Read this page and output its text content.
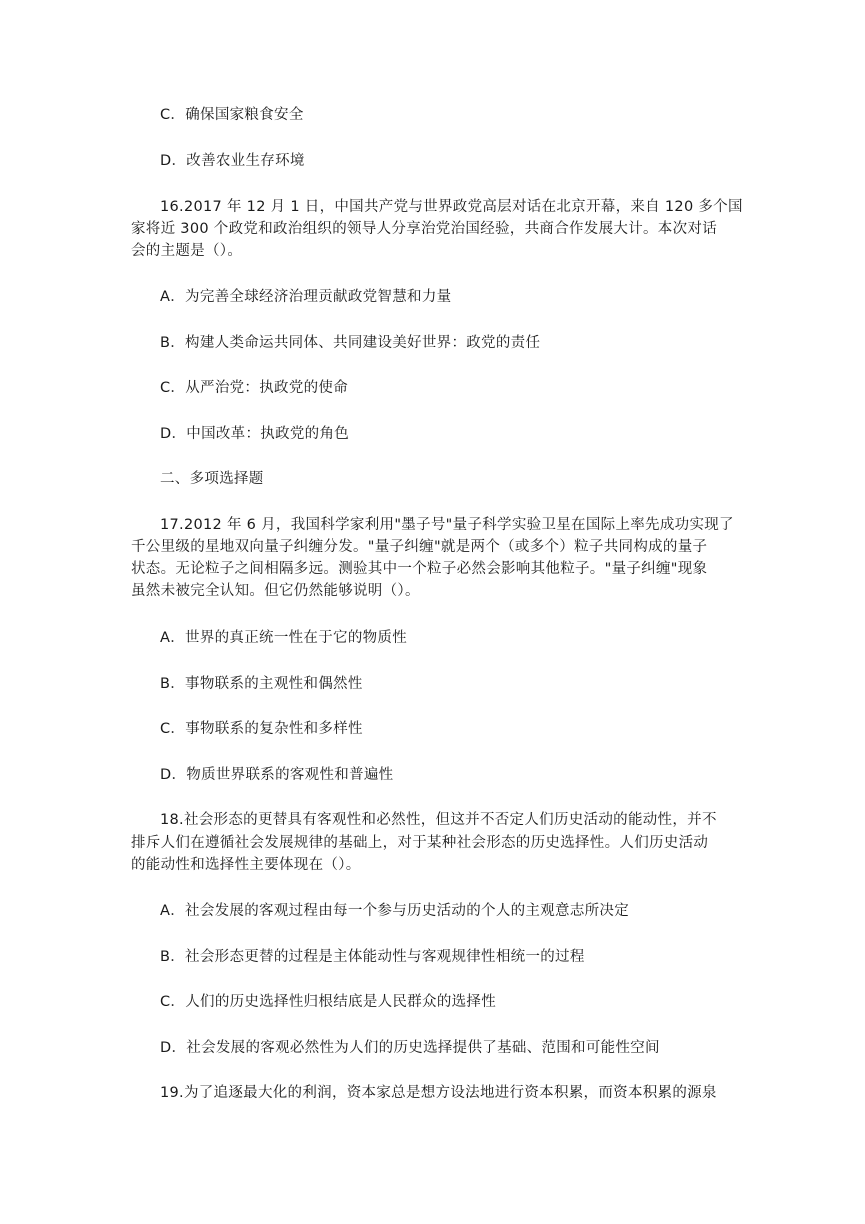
C．确保国家粮食安全
D．改善农业生存环境
16.2017 年 12 月 1 日，中国共产党与世界政党高层对话在北京开幕，来自 120 多个国
家将近 300 个政党和政治组织的领导人分享治党治国经验，共商合作发展大计。本次对话
会的主题是（）。
A．为完善全球经济治理贡献政党智慧和力量
B．构建人类命运共同体、共同建设美好世界：政党的责任
C．从严治党：执政党的使命
D．中国改革：执政党的角色
二、多项选择题
17.2012 年 6 月，我国科学家利用"墨子号"量子科学实验卫星在国际上率先成功实现了
千公里级的星地双向量子纠缠分发。"量子纠缠"就是两个（或多个）粒子共同构成的量子
状态。无论粒子之间相隔多远。测验其中一个粒子必然会影响其他粒子。"量子纠缠"现象
虽然未被完全认知。但它仍然能够说明（）。
A．世界的真正统一性在于它的物质性
B．事物联系的主观性和偶然性
C．事物联系的复杂性和多样性
D．物质世界联系的客观性和普遍性
18.社会形态的更替具有客观性和必然性，但这并不否定人们历史活动的能动性，并不
排斥人们在遵循社会发展规律的基础上，对于某种社会形态的历史选择性。人们历史活动
的能动性和选择性主要体现在（）。
A．社会发展的客观过程由每一个参与历史活动的个人的主观意志所决定
B．社会形态更替的过程是主体能动性与客观规律性相统一的过程
C．人们的历史选择性归根结底是人民群众的选择性
D．社会发展的客观必然性为人们的历史选择提供了基础、范围和可能性空间
19.为了追逐最大化的利润，资本家总是想方设法地进行资本积累，而资本积累的源泉
